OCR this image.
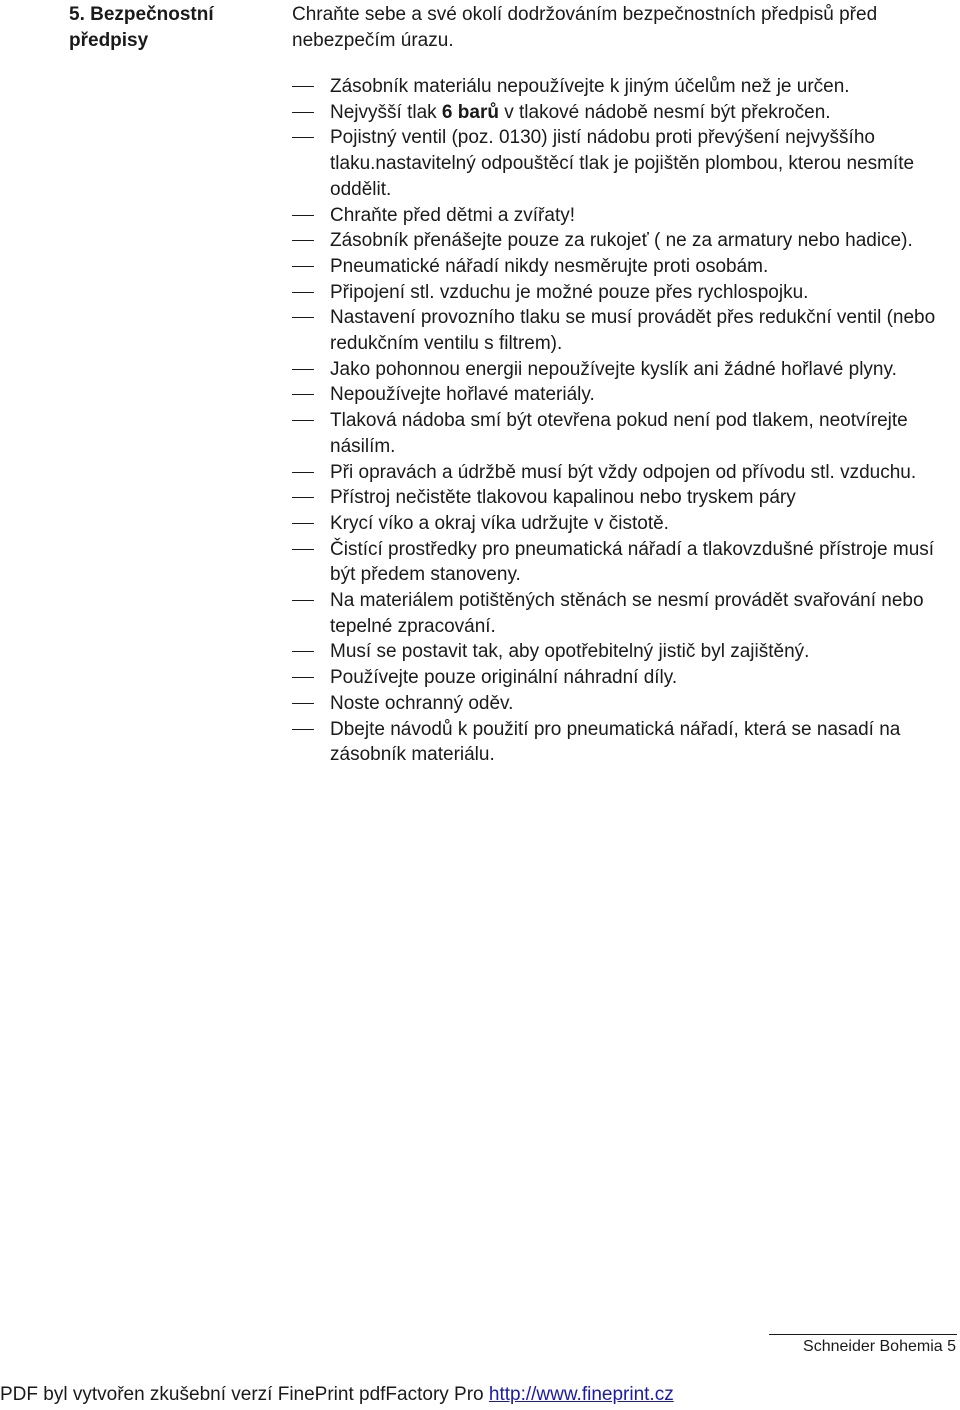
5. Bezpečnostní
předpisy
Chraňte sebe a své okolí dodržováním bezpečnostních předpisů před nebezpečím úrazu.
Zásobník materiálu nepoužívejte k jiným účelům než je určen.
Nejvyšší tlak 6 barů v tlakové nádobě nesmí být překročen.
Pojistný ventil (poz. 0130) jistí nádobu proti převýšení nejvyššího tlaku.nastavitelný odpouštěcí tlak je pojištěn plombou, kterou nesmíte oddělit.
Chraňte před dětmi a zvířaty!
Zásobník přenášejte pouze za rukojeť ( ne za armatury nebo hadice).
Pneumatické nářadí nikdy nesměrujte proti osobám.
Připojení stl. vzduchu je možné pouze přes rychlospojku.
Nastavení provozního tlaku se musí provádět přes redukční ventil (nebo redukčním ventilu s filtrem).
Jako pohonnou energii nepoužívejte kyslík ani žádné hořlavé plyny.
Nepoužívejte hořlavé materiály.
Tlaková nádoba smí být otevřena pokud není pod tlakem, neotvírejte násilím.
Při opravách a údržbě musí být vždy odpojen od přívodu stl. vzduchu.
Přístroj nečistěte tlakovou kapalinou nebo tryskem páry
Krycí víko a okraj víka udržujte v čistotě.
Čistící prostředky pro pneumatická nářadí a tlakovzdušné přístroje musí být předem stanoveny.
Na materiálem potištěných stěnách se nesmí provádět svařování nebo tepelné zpracování.
Musí se postavit tak, aby opotřebitelný jistič byl zajištěný.
Používejte pouze originální náhradní díly.
Noste ochranný oděv.
Dbejte návodů k použití pro pneumatická nářadí, která se nasadí na zásobník materiálu.
Schneider Bohemia 5
PDF byl vytvořen zkušební verzí FinePrint pdfFactory Pro http://www.fineprint.cz
